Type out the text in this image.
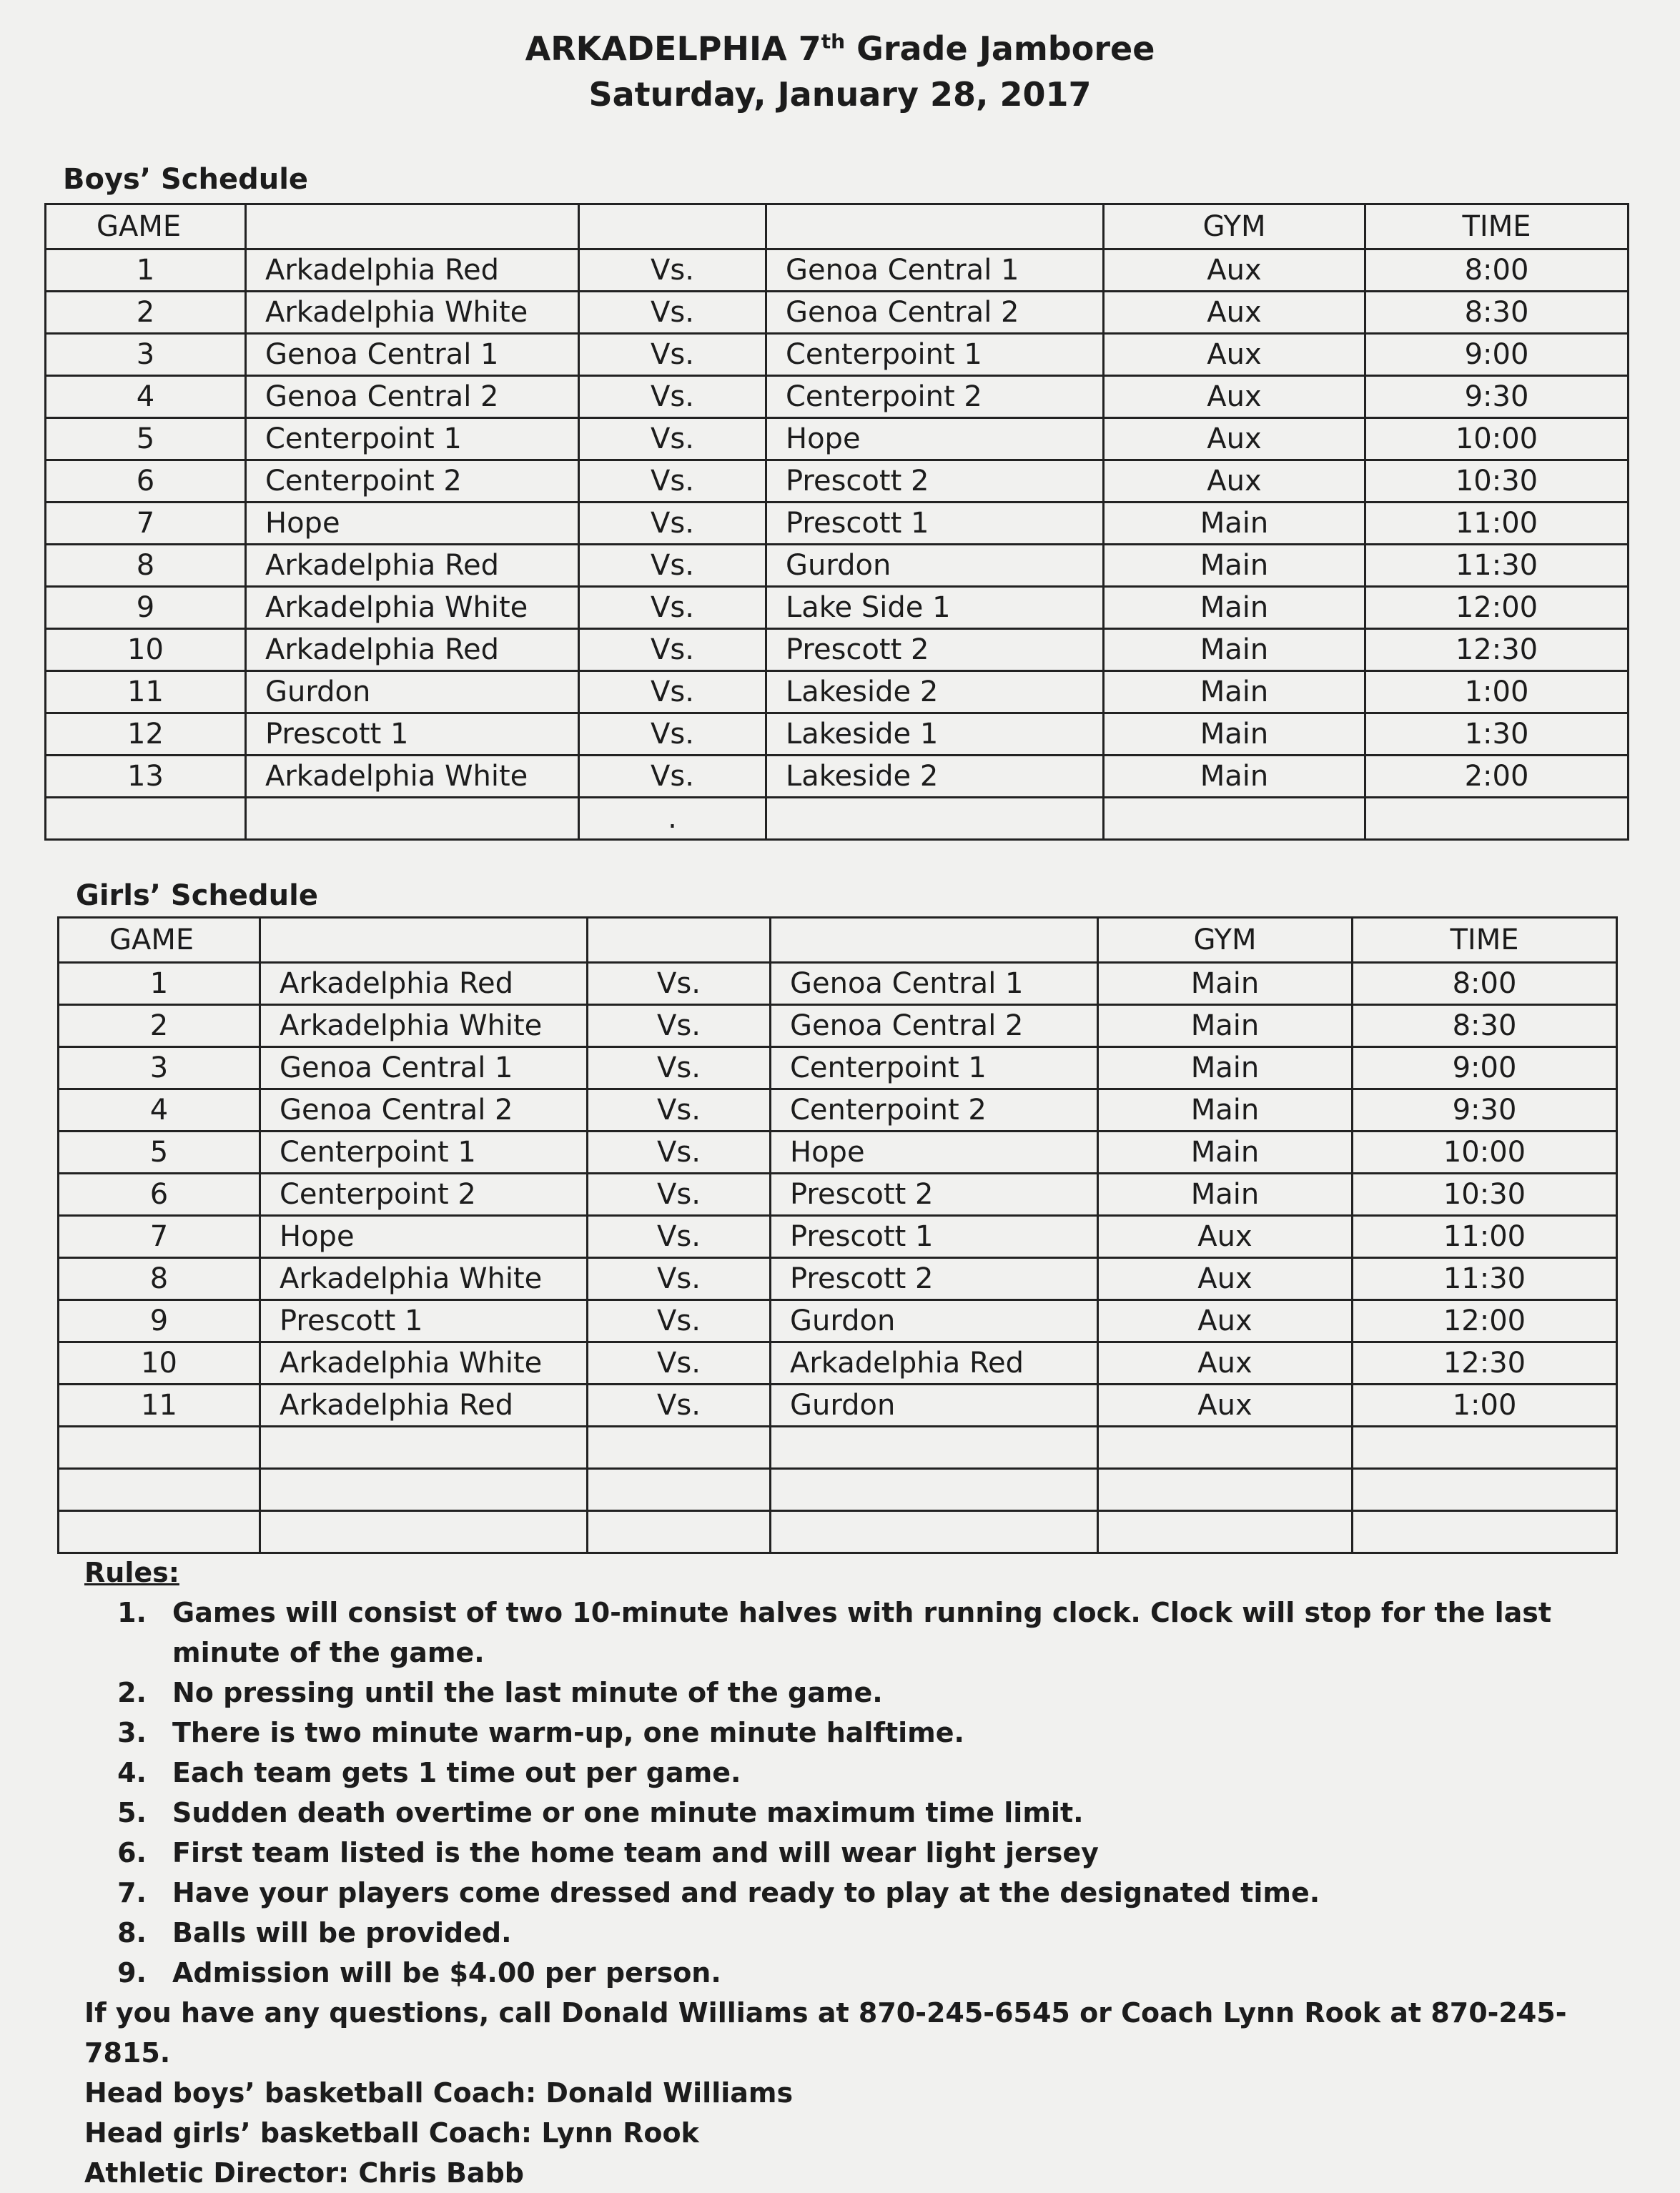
ARKADELPHIA 7th Grade Jamboree
Saturday, January 28, 2017
Boys’ Schedule
GAME				GYM	TIME
1	Arkadelphia Red	Vs.	Genoa Central 1	Aux	8:00
2	Arkadelphia White	Vs.	Genoa Central 2	Aux	8:30
3	Genoa Central 1	Vs.	Centerpoint 1	Aux	9:00
4	Genoa Central 2	Vs.	Centerpoint 2	Aux	9:30
5	Centerpoint 1	Vs.	Hope	Aux	10:00
6	Centerpoint 2	Vs.	Prescott 2	Aux	10:30
7	Hope	Vs.	Prescott 1	Main	11:00
8	Arkadelphia Red	Vs.	Gurdon	Main	11:30
9	Arkadelphia White	Vs.	Lake Side 1	Main	12:00
10	Arkadelphia Red	Vs.	Prescott 2	Main	12:30
11	Gurdon	Vs.	Lakeside 2	Main	1:00
12	Prescott 1	Vs.	Lakeside 1	Main	1:30
13	Arkadelphia White	Vs.	Lakeside 2	Main	2:00
		.			
Girls’ Schedule
GAME				GYM	TIME
1	Arkadelphia Red	Vs.	Genoa Central 1	Main	8:00
2	Arkadelphia White	Vs.	Genoa Central 2	Main	8:30
3	Genoa Central 1	Vs.	Centerpoint 1	Main	9:00
4	Genoa Central 2	Vs.	Centerpoint 2	Main	9:30
5	Centerpoint 1	Vs.	Hope	Main	10:00
6	Centerpoint 2	Vs.	Prescott 2	Main	10:30
7	Hope	Vs.	Prescott 1	Aux	11:00
8	Arkadelphia White	Vs.	Prescott 2	Aux	11:30
9	Prescott 1	Vs.	Gurdon	Aux	12:00
10	Arkadelphia White	Vs.	Arkadelphia Red	Aux	12:30
11	Arkadelphia Red	Vs.	Gurdon	Aux	1:00

Rules:
1. Games will consist of two 10-minute halves with running clock. Clock will stop for the last minute of the game.
2. No pressing until the last minute of the game.
3. There is two minute warm-up, one minute halftime.
4. Each team gets 1 time out per game.
5. Sudden death overtime or one minute maximum time limit.
6. First team listed is the home team and will wear light jersey
7. Have your players come dressed and ready to play at the designated time.
8. Balls will be provided.
9. Admission will be $4.00 per person.
If you have any questions, call Donald Williams at 870-245-6545 or Coach Lynn Rook at 870-245-7815.
Head boys’ basketball Coach: Donald Williams
Head girls’ basketball Coach: Lynn Rook
Athletic Director: Chris Babb
